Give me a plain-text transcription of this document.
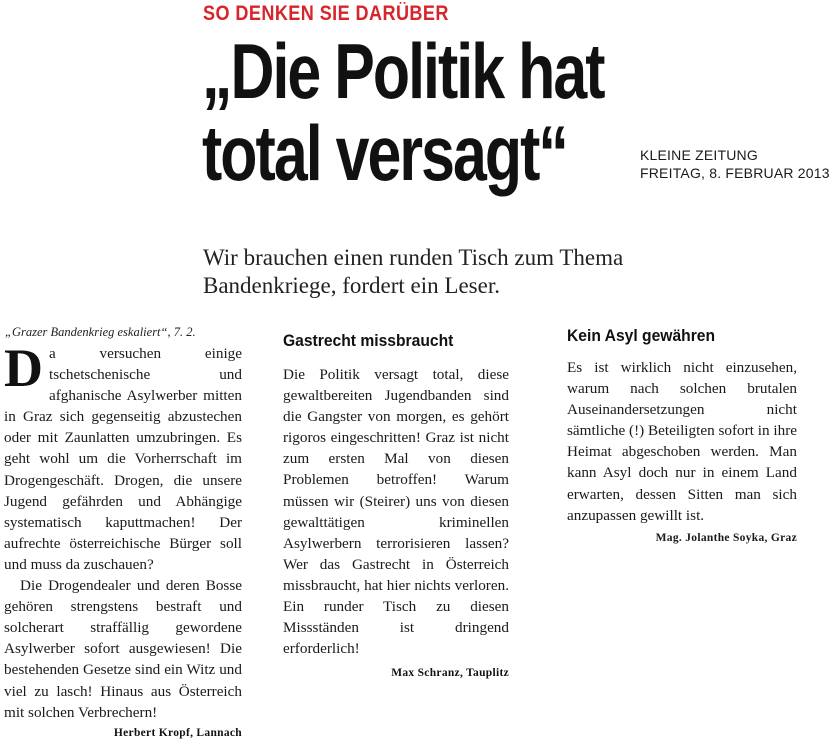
SO DENKEN SIE DARÜBER
„Die Politik hat
total versagt“	KLEINE ZEITUNG
FREITAG, 8. FEBRUAR 2013
Wir brauchen einen runden Tisch zum Thema
Bandenkriege, fordert ein Leser.
„Grazer Bandenkrieg eskaliert“, 7. 2.

Da versuchen einige tschetschenische und afghanische Asylwerber mitten in Graz sich gegenseitig abzustechen oder mit Zaunlatten umzubringen. Es geht wohl um die Vorherrschaft im Drogengeschäft. Drogen, die unsere Jugend gefährden und Abhängige systematisch kaputtmachen! Der aufrechte österreichische Bürger soll und muss da zuschauen?

Die Drogendealer und deren Bosse gehören strengstens bestraft und solcherart straffällig gewordene Asylwerber sofort ausgewiesen! Die bestehenden Gesetze sind ein Witz und viel zu lasch! Hinaus aus Österreich mit solchen Verbrechern!

Herbert Kropf, Lannach
Gastrecht missbraucht

Die Politik versagt total, diese gewaltbereiten Jugendbanden sind die Gangster von morgen, es gehört rigoros eingeschritten! Graz ist nicht zum ersten Mal von diesen Problemen betroffen! Warum müssen wir (Steirer) uns von diesen gewalttätigen kriminellen Asylwerbern terrorisieren lassen? Wer das Gastrecht in Österreich missbraucht, hat hier nichts verloren. Ein runder Tisch zu diesen Missständen ist dringend erforderlich!

Max Schranz, Tauplitz
Kein Asyl gewähren

Es ist wirklich nicht einzusehen, warum nach solchen brutalen Auseinandersetzungen nicht sämtliche (!) Beteiligten sofort in ihre Heimat abgeschoben werden. Man kann Asyl doch nur in einem Land erwarten, dessen Sitten man sich anzupassen gewillt ist.
Mag. Jolanthe Soyka, Graz
